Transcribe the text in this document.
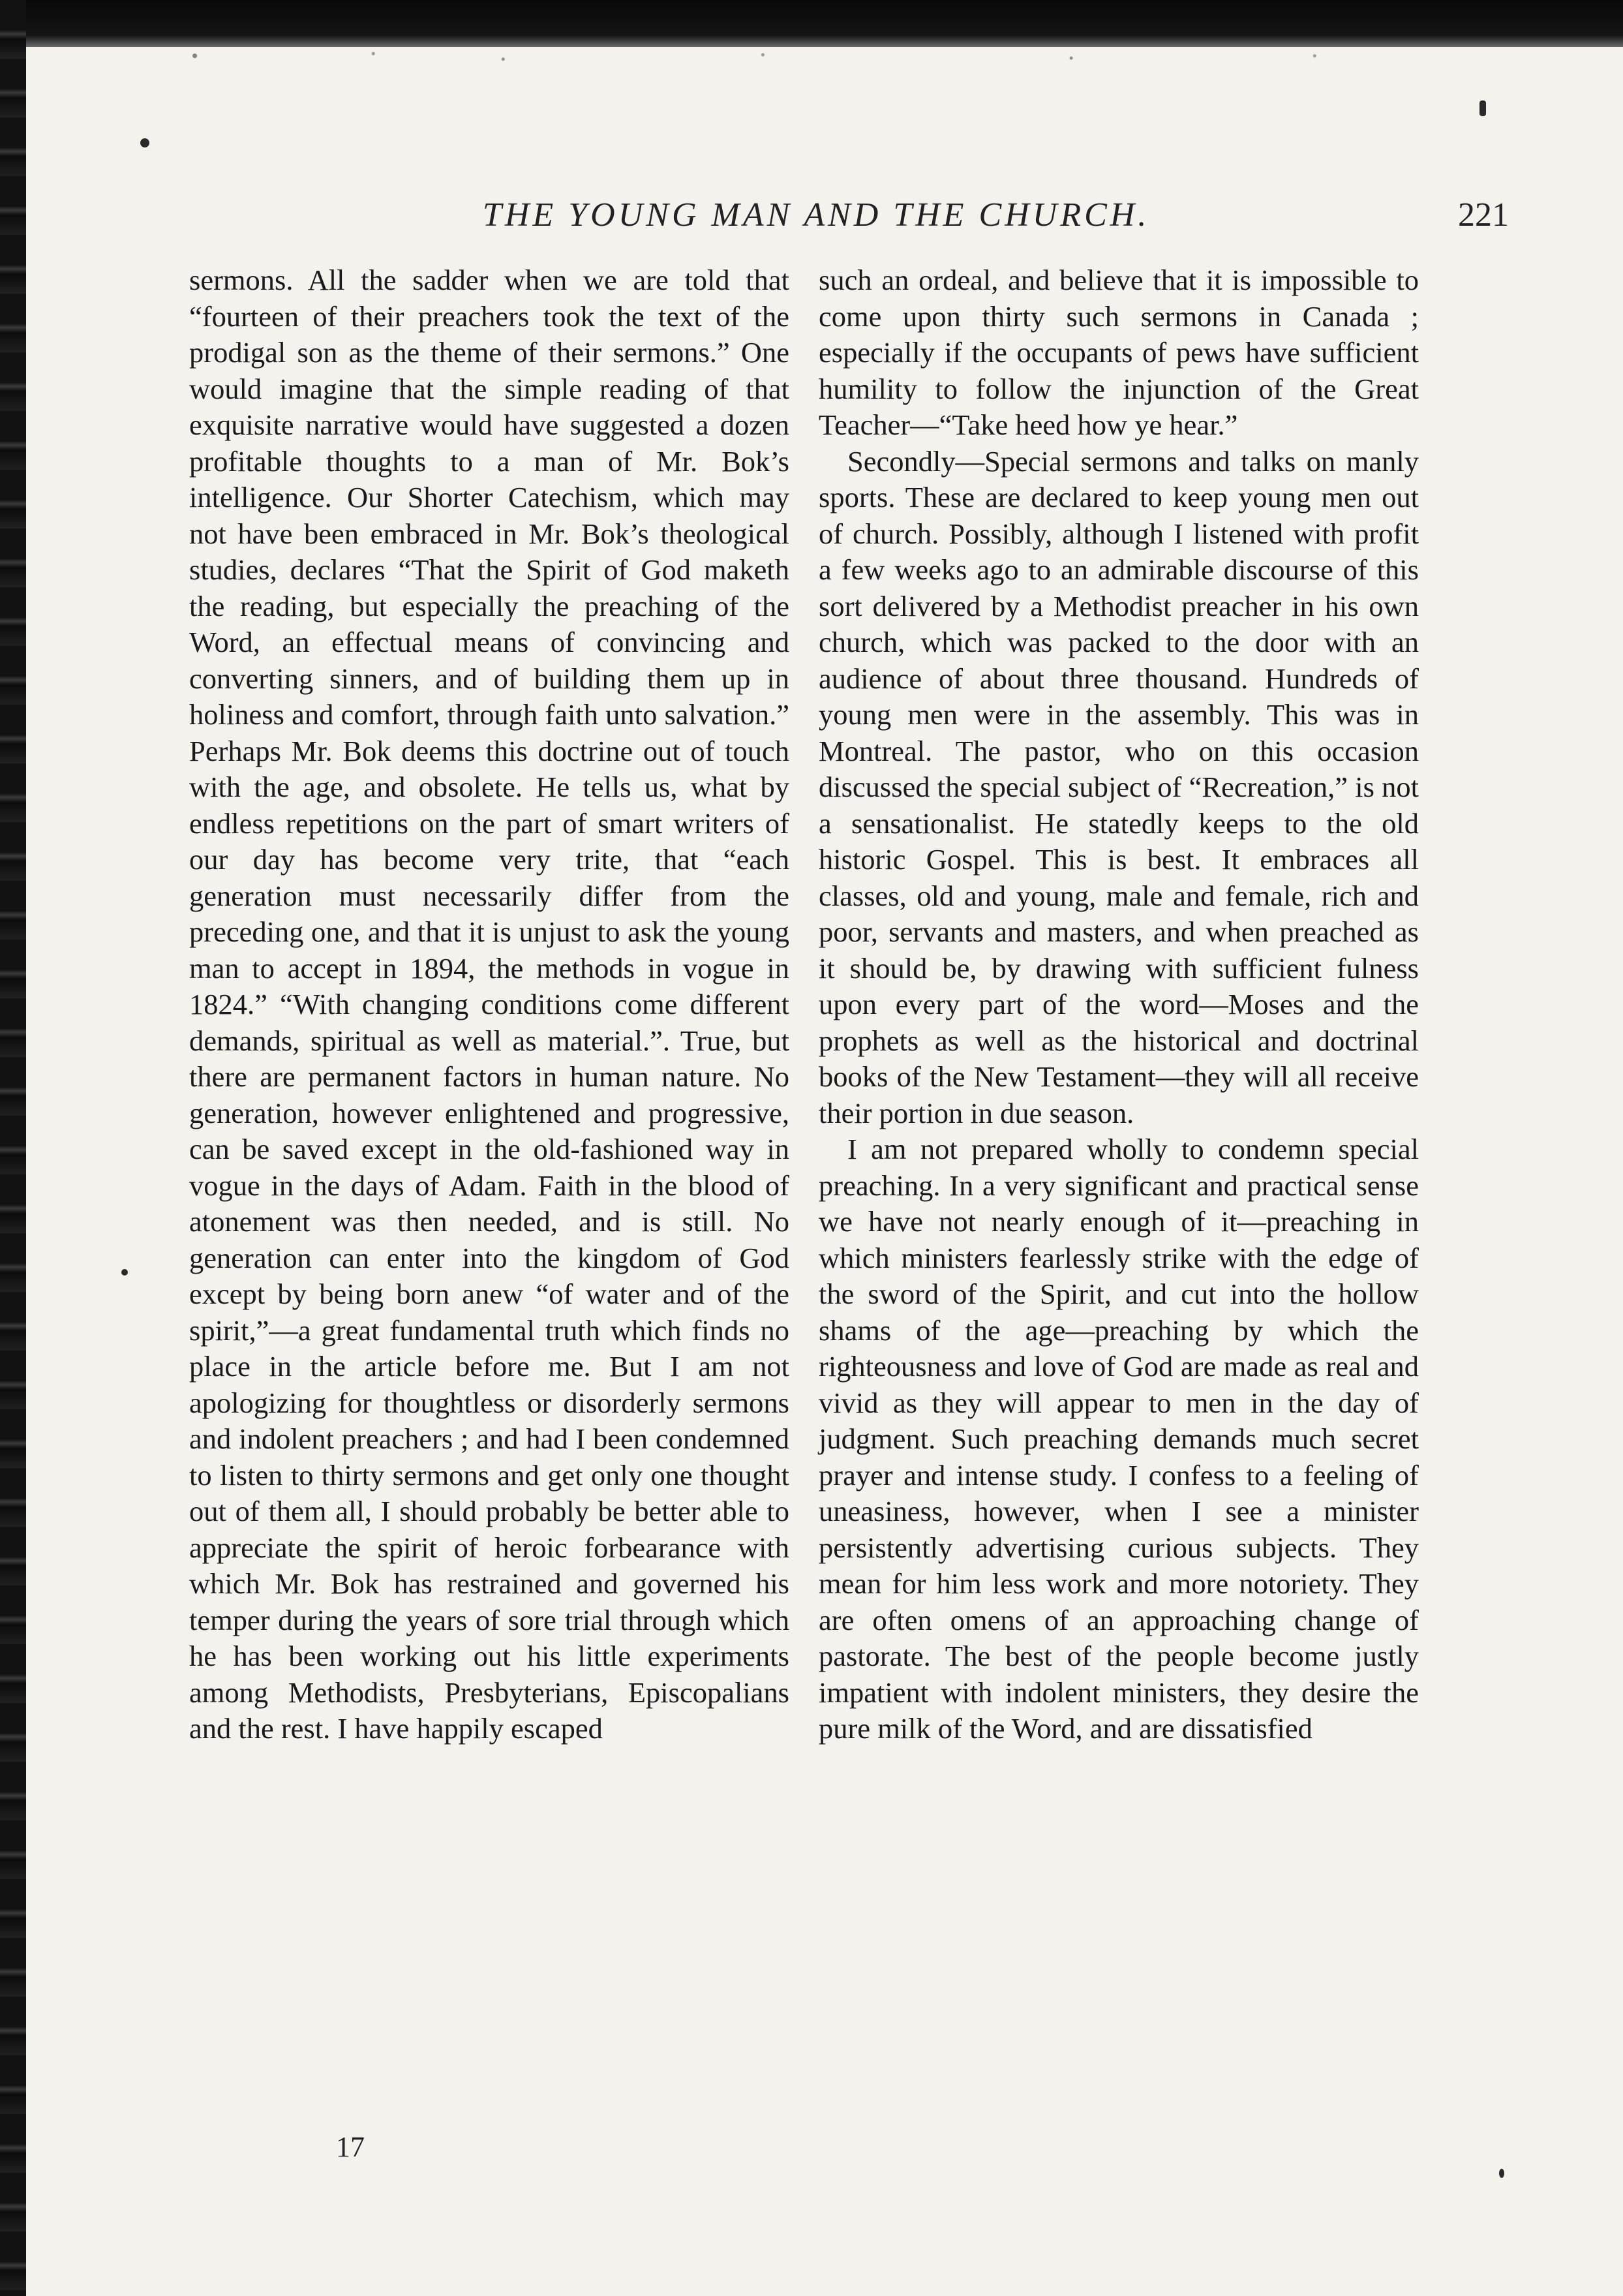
THE YOUNG MAN AND THE CHURCH.	221

sermons. All the sadder when we are told that “fourteen of their preachers took the text of the prodigal son as the theme of their sermons.” One would imagine that the simple reading of that exquisite narrative would have suggested a dozen profitable thoughts to a man of Mr. Bok’s intelligence. Our Shorter Catechism, which may not have been embraced in Mr. Bok’s theological studies, declares “That the Spirit of God maketh the reading, but especially the preaching of the Word, an effectual means of convincing and converting sinners, and of building them up in holiness and comfort, through faith unto salvation.” Perhaps Mr. Bok deems this doctrine out of touch with the age, and obsolete. He tells us, what by endless repetitions on the part of smart writers of our day has become very trite, that “each generation must necessarily differ from the preceding one, and that it is unjust to ask the young man to accept in 1894, the methods in vogue in 1824.” “With changing conditions come different demands, spiritual as well as material.”. True, but there are permanent factors in human nature. No generation, however enlightened and progressive, can be saved except in the old-fashioned way in vogue in the days of Adam. Faith in the blood of atonement was then needed, and is still. No generation can enter into the kingdom of God except by being born anew “of water and of the spirit,”—a great fundamental truth which finds no place in the article before me. But I am not apologizing for thoughtless or disorderly sermons and indolent preachers ; and had I been condemned to listen to thirty sermons and get only one thought out of them all, I should probably be better able to appreciate the spirit of heroic forbearance with which Mr. Bok has restrained and governed his temper during the years of sore trial through which he has been working out his little experiments among Methodists, Presbyterians, Episcopalians and the rest. I have happily escaped

such an ordeal, and believe that it is impossible to come upon thirty such sermons in Canada ; especially if the occupants of pews have sufficient humility to follow the injunction of the Great Teacher—“Take heed how ye hear.”

Secondly—Special sermons and talks on manly sports. These are declared to keep young men out of church. Possibly, although I listened with profit a few weeks ago to an admirable discourse of this sort delivered by a Methodist preacher in his own church, which was packed to the door with an audience of about three thousand. Hundreds of young men were in the assembly. This was in Montreal. The pastor, who on this occasion discussed the special subject of “Recreation,” is not a sensationalist. He statedly keeps to the old historic Gospel. This is best. It embraces all classes, old and young, male and female, rich and poor, servants and masters, and when preached as it should be, by drawing with sufficient fulness upon every part of the word—Moses and the prophets as well as the historical and doctrinal books of the New Testament—they will all receive their portion in due season.

I am not prepared wholly to condemn special preaching. In a very significant and practical sense we have not nearly enough of it—preaching in which ministers fearlessly strike with the edge of the sword of the Spirit, and cut into the hollow shams of the age—preaching by which the righteousness and love of God are made as real and vivid as they will appear to men in the day of judgment. Such preaching demands much secret prayer and intense study. I confess to a feeling of uneasiness, however, when I see a minister persistently advertising curious subjects. They mean for him less work and more notoriety. They are often omens of an approaching change of pastorate. The best of the people become justly impatient with indolent ministers, they desire the pure milk of the Word, and are dissatisfied

17
